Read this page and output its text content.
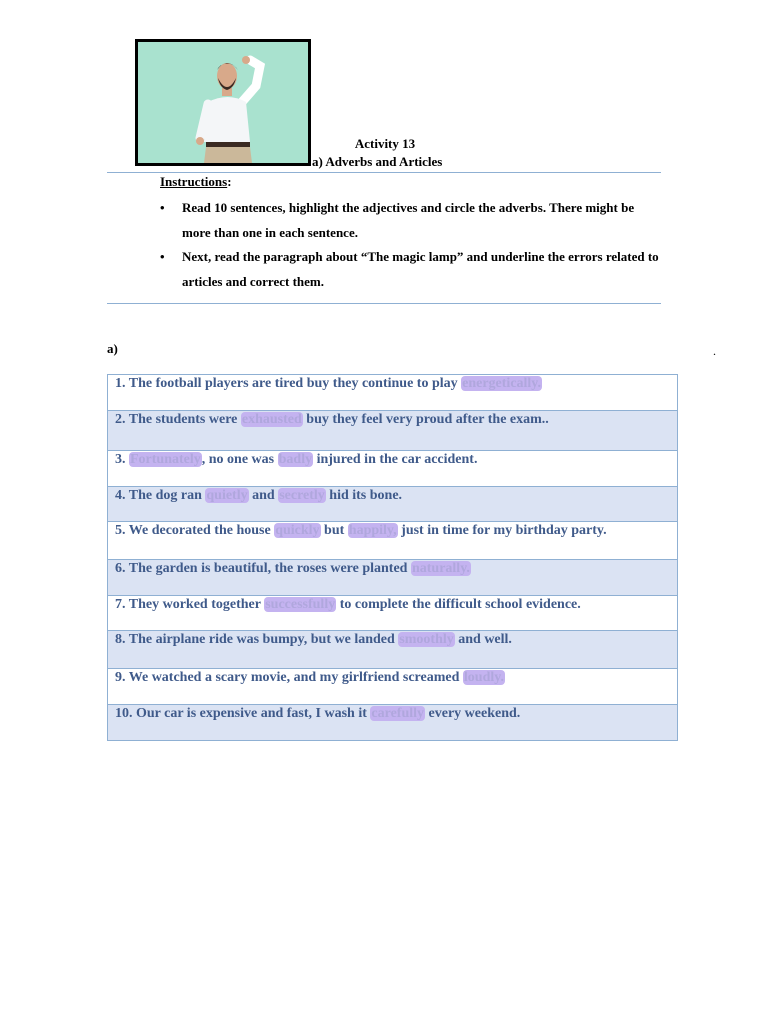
Activity 13
a) Adverbs and Articles
Instructions:
• Read 10 sentences, highlight the adjectives and circle the adverbs. There might be more than one in each sentence.
• Next, read the paragraph about “The magic lamp” and underline the errors related to articles and correct them.
a)	.
1. The football players are tired buy they continue to play energetically.
2. The students were exhausted buy they feel very proud after the exam..
3. Fortunately, no one was badly injured in the car accident.
4. The dog ran quietly and secretly hid its bone.
5. We decorated the house quickly but happily, just in time for my birthday party.
6. The garden is beautiful, the roses were planted naturally.
7. They worked together successfully to complete the difficult school evidence.
8. The airplane ride was bumpy, but we landed smoothly and well.
9. We watched a scary movie, and my girlfriend screamed loudly.
10. Our car is expensive and fast, I wash it carefully every weekend.
